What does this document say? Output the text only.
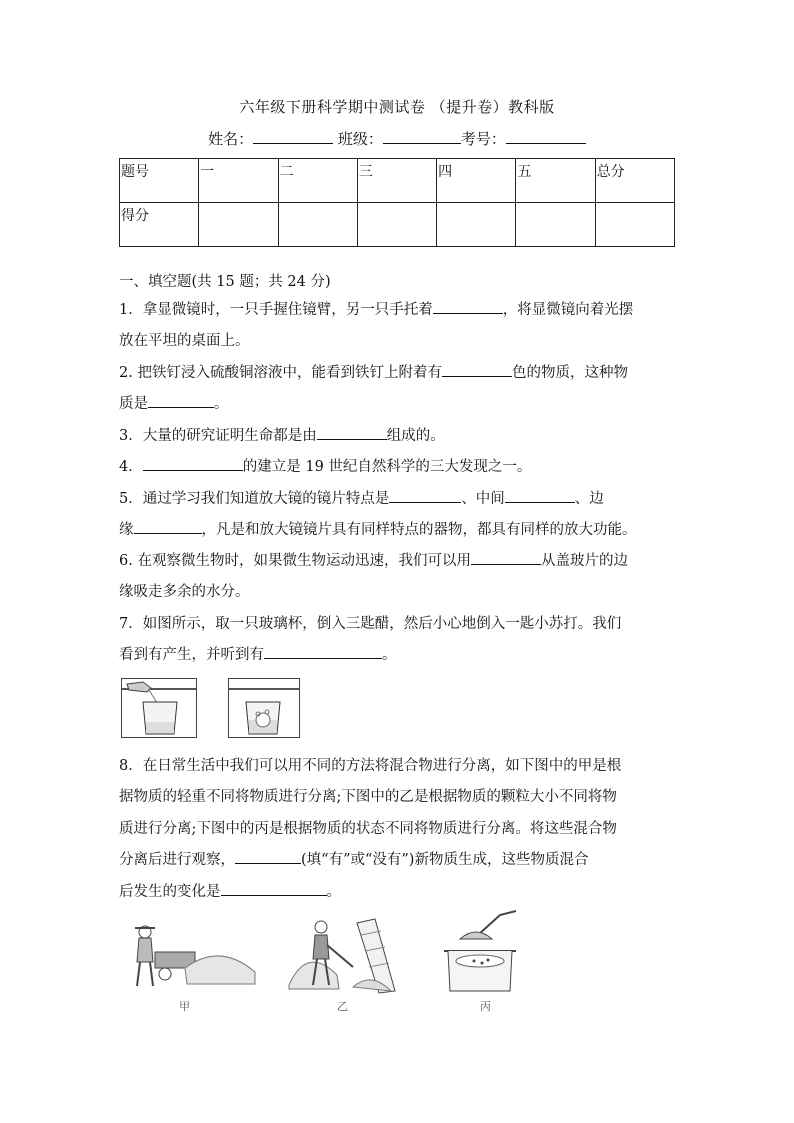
六年级下册科学期中测试卷 （提升卷）教科版
姓名：	班级：	考号：
题号	一	二	三	四	五	总分
得分						
一、填空题(共 15 题；共 24 分)
1．拿显微镜时，一只手握住镜臂，另一只手托着	，将显微镜向着光摆
放在平坦的桌面上。
2. 把铁钉浸入硫酸铜溶液中，能看到铁钉上附着有	色的物质，这种物
质是	。
3．大量的研究证明生命都是由	组成的。
4．	的建立是 19 世纪自然科学的三大发现之一。
5．通过学习我们知道放大镜的镜片特点是	、中间	、边
缘	，凡是和放大镜镜片具有同样特点的器物，都具有同样的放大功能。
6. 在观察微生物时，如果微生物运动迅速，我们可以用	从盖玻片的边
缘吸走多余的水分。
7．如图所示，取一只玻璃杯，倒入三匙醋，然后小心地倒入一匙小苏打。我们
看到有产生，并听到有	。
8．在日常生活中我们可以用不同的方法将混合物进行分离，如下图中的甲是根
据物质的轻重不同将物质进行分离;下图中的乙是根据物质的颗粒大小不同将物
质进行分离;下图中的丙是根据物质的状态不同将物质进行分离。将这些混合物
分离后进行观察，	(填“有”或“没有”)新物质生成，这些物质混合
后发生的变化是	。
甲	乙	丙
